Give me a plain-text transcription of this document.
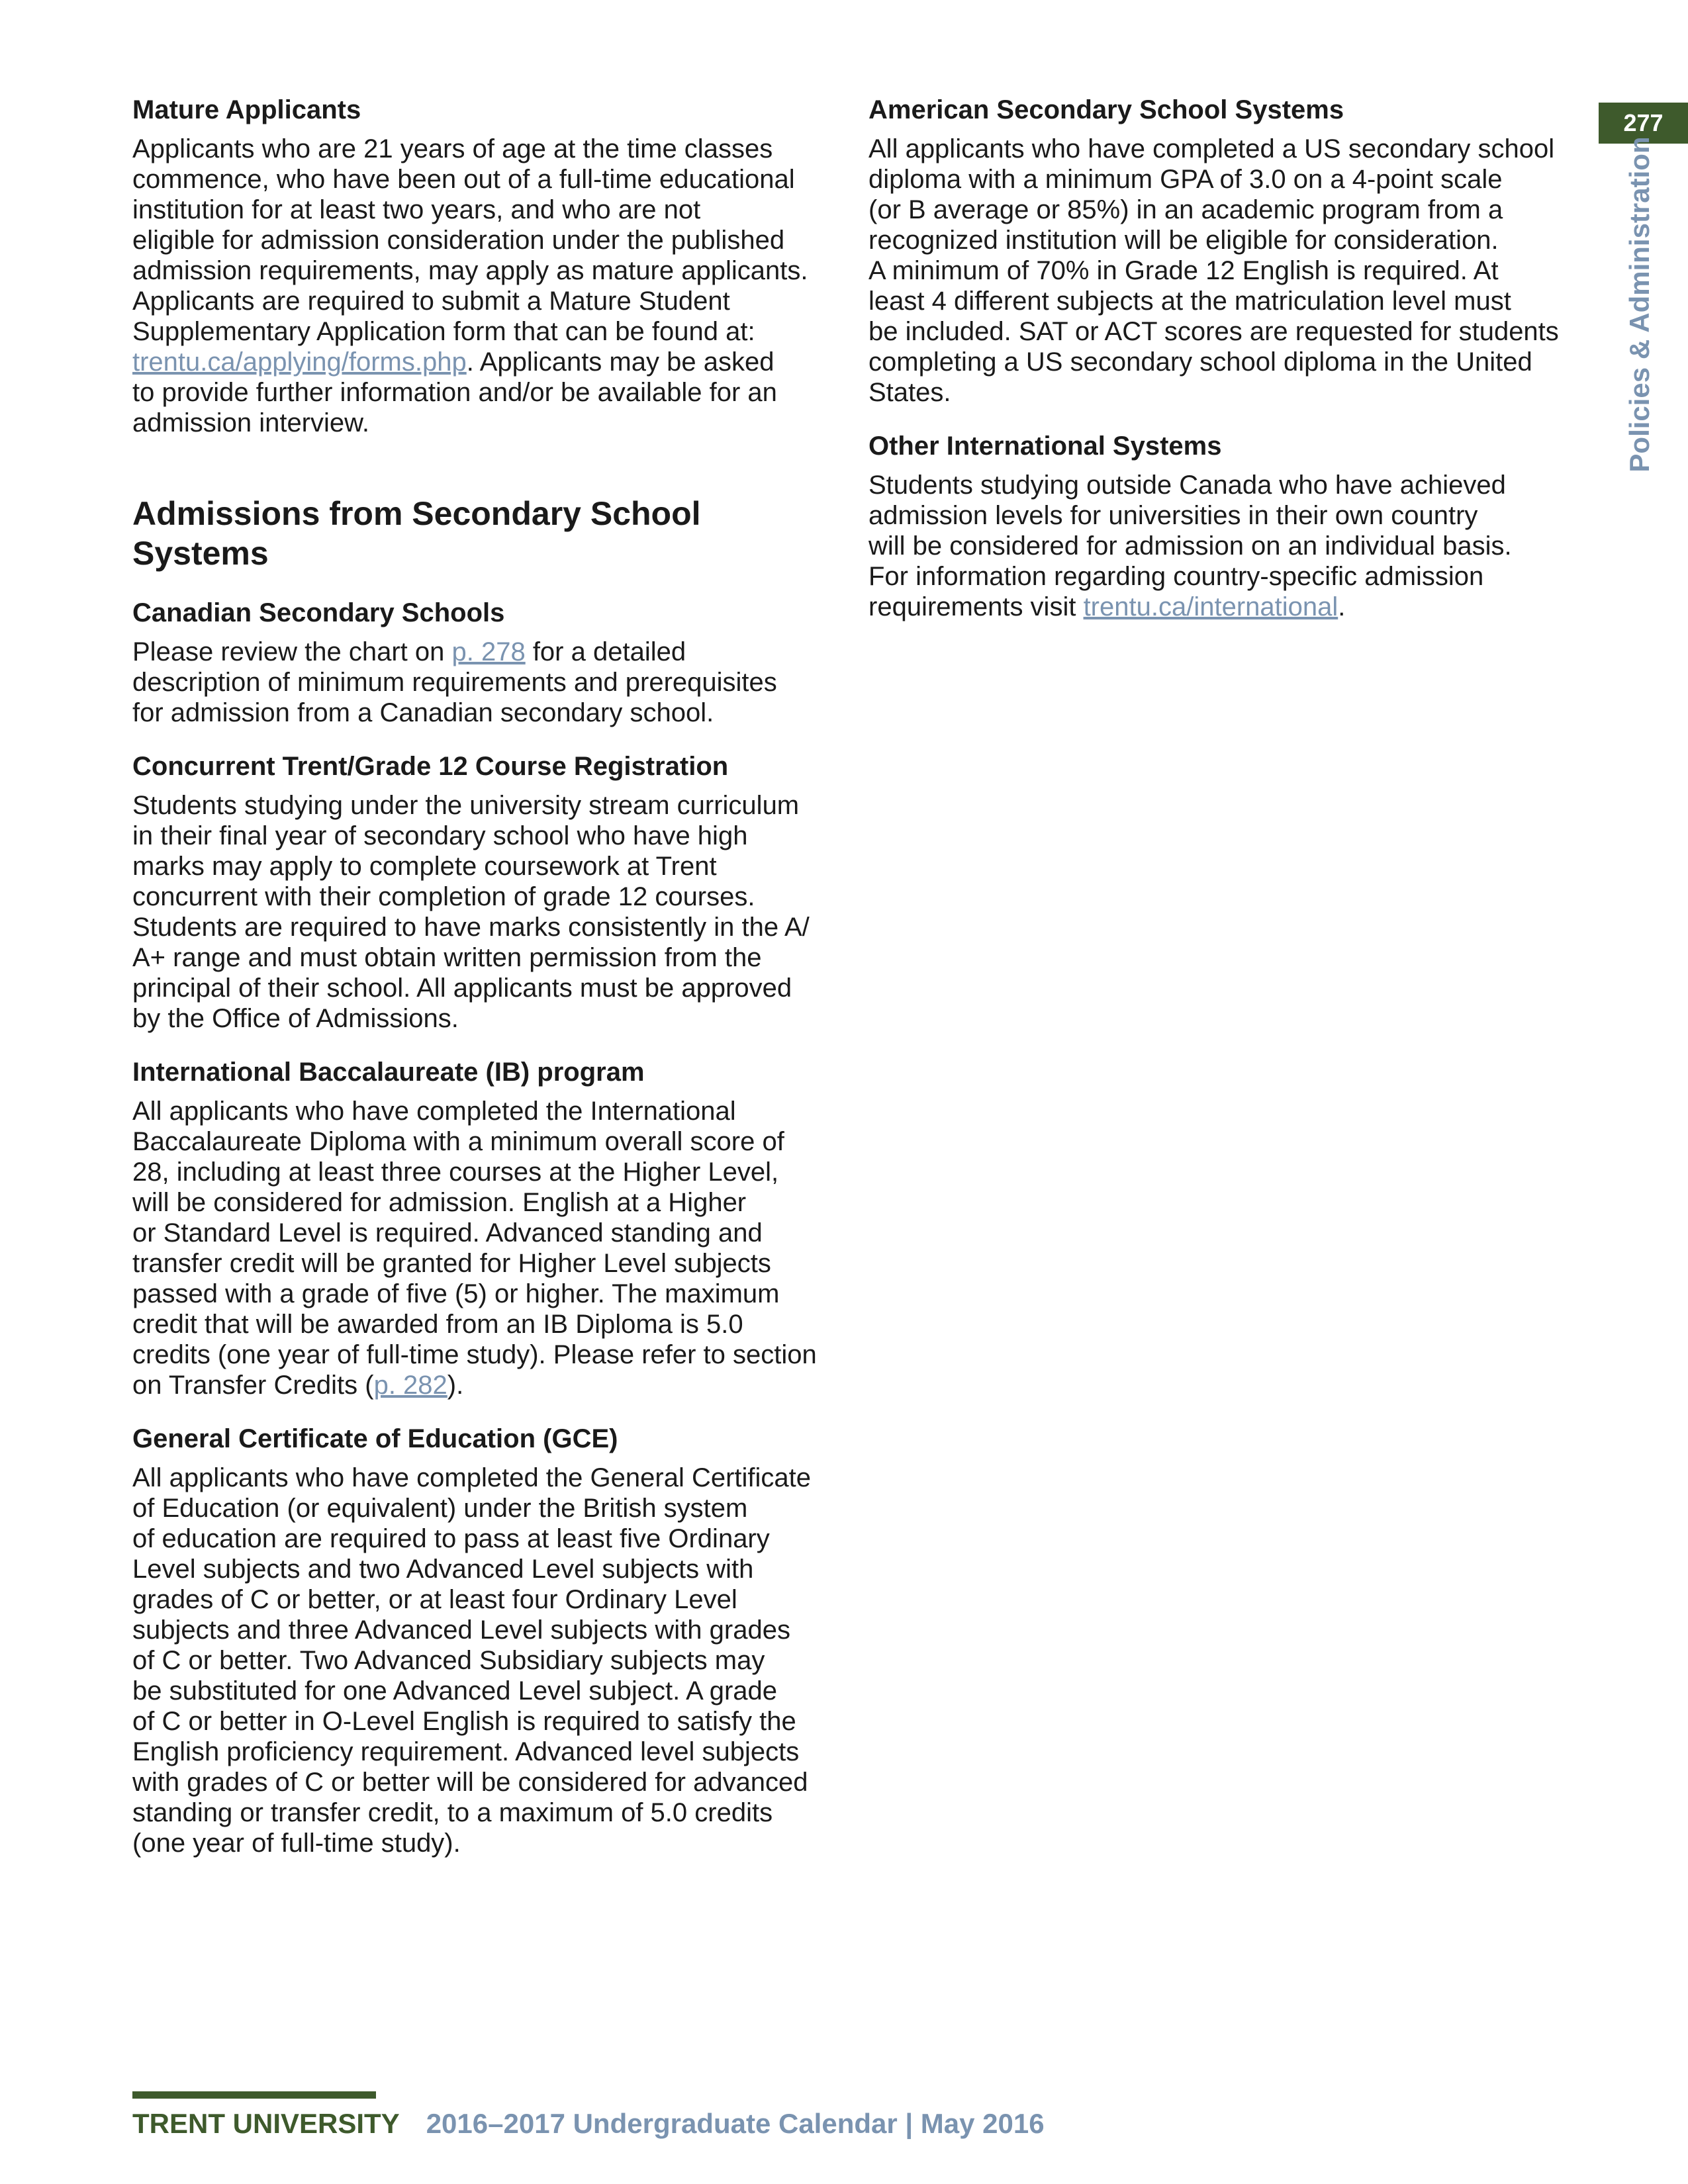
277
Policies & Administration
Mature Applicants

Applicants who are 21 years of age at the time classes
commence, who have been out of a full-time educational
institution for at least two years, and who are not
eligible for admission consideration under the published
admission requirements, may apply as mature applicants.
Applicants are required to submit a Mature Student
Supplementary Application form that can be found at:
trentu.ca/applying/forms.php. Applicants may be asked
to provide further information and/or be available for an
admission interview.

Admissions from Secondary School Systems
Canadian Secondary Schools

Please review the chart on p. 278 for a detailed
description of minimum requirements and prerequisites
for admission from a Canadian secondary school.

Concurrent Trent/Grade 12 Course Registration

Students studying under the university stream curriculum
in their final year of secondary school who have high
marks may apply to complete coursework at Trent
concurrent with their completion of grade 12 courses.
Students are required to have marks consistently in the A/
A+ range and must obtain written permission from the
principal of their school. All applicants must be approved
by the Office of Admissions.

International Baccalaureate (IB) program

All applicants who have completed the International
Baccalaureate Diploma with a minimum overall score of
28, including at least three courses at the Higher Level,
will be considered for admission. English at a Higher
or Standard Level is required. Advanced standing and
transfer credit will be granted for Higher Level subjects
passed with a grade of five (5) or higher. The maximum
credit that will be awarded from an IB Diploma is 5.0
credits (one year of full-time study). Please refer to section
on Transfer Credits (p. 282).

General Certificate of Education (GCE)

All applicants who have completed the General Certificate
of Education (or equivalent) under the British system
of education are required to pass at least five Ordinary
Level subjects and two Advanced Level subjects with
grades of C or better, or at least four Ordinary Level
subjects and three Advanced Level subjects with grades
of C or better. Two Advanced Subsidiary subjects may
be substituted for one Advanced Level subject. A grade
of C or better in O-Level English is required to satisfy the
English proficiency requirement. Advanced level subjects
with grades of C or better will be considered for advanced
standing or transfer credit, to a maximum of 5.0 credits
(one year of full-time study).

American Secondary School Systems

All applicants who have completed a US secondary school
diploma with a minimum GPA of 3.0 on a 4-point scale
(or B average or 85%) in an academic program from a
recognized institution will be eligible for consideration.
A minimum of 70% in Grade 12 English is required. At
least 4 different subjects at the matriculation level must
be included. SAT or ACT scores are requested for students
completing a US secondary school diploma in the United
States.

Other International Systems

Students studying outside Canada who have achieved
admission levels for universities in their own country
will be considered for admission on an individual basis.
For information regarding country-specific admission
requirements visit trentu.ca/international.

TRENT UNIVERSITY 2016–2017 Undergraduate Calendar | May 2016
